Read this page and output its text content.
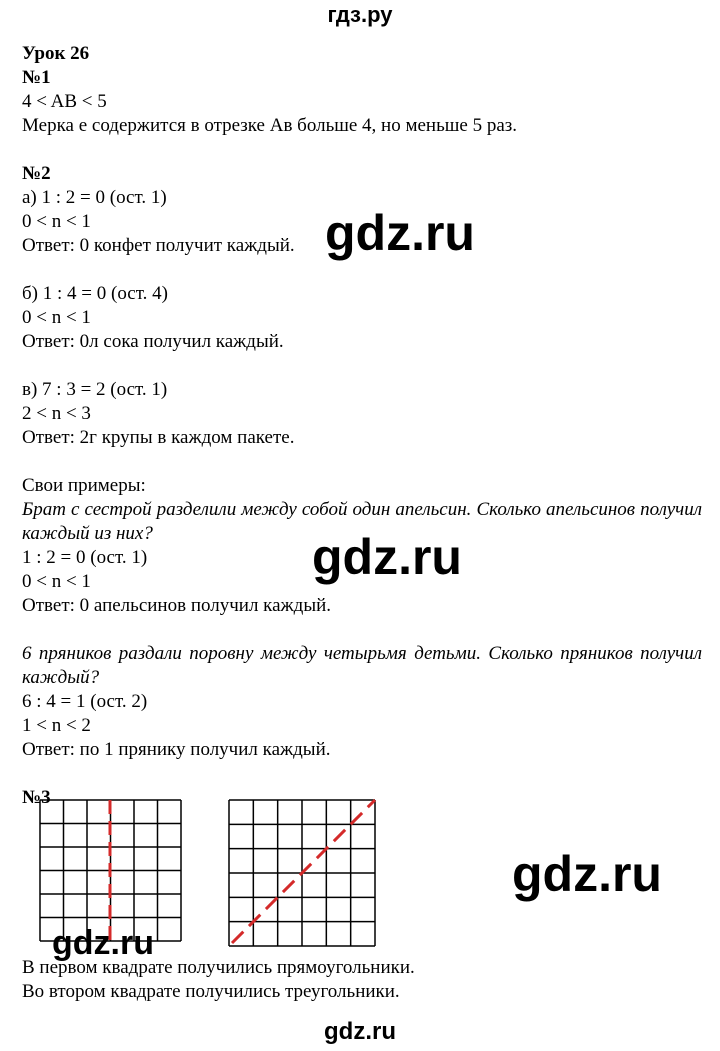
гдз.ру
Урок 26
№1
4 < AB < 5
Мерка е содержится в отрезке Ав больше 4, но меньше 5 раз.
№2
а) 1 : 2 = 0 (ост. 1)
0 < n < 1
Ответ: 0 конфет получит каждый.
б) 1 : 4 = 0 (ост. 4)
0 < n < 1
Ответ: 0л сока получил каждый.
в) 7 : 3 = 2 (ост. 1)
2 < n < 3
Ответ: 2г крупы в каждом пакете.
Свои примеры:
Брат с сестрой разделили между собой один апельсин. Сколько апельсинов получил каждый из них?
1 : 2 = 0 (ост. 1)
0 < n < 1
Ответ: 0 апельсинов получил каждый.
6 пряников раздали поровну между четырьмя детьми. Сколько пряников получил каждый?
6 : 4 = 1 (ост. 2)
1 < n < 2
Ответ: по 1 прянику получил каждый.
№3
В первом квадрате получились прямоугольники.
Во втором квадрате получились треугольники.
gdz.ru
gdz.ru
gdz.ru
gdz.ru
gdz.ru
